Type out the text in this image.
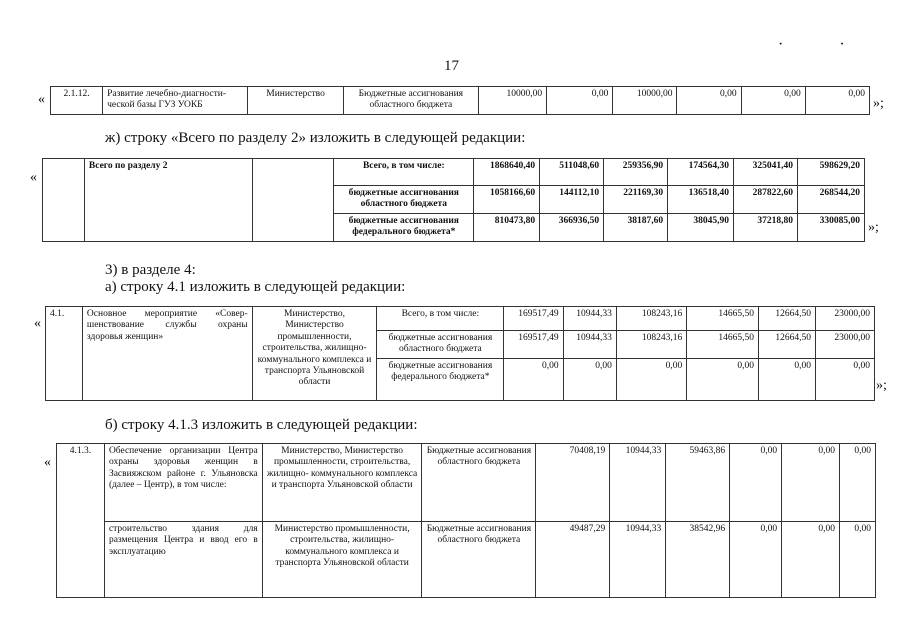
17
· ·
« 2.1.12.	Развитие лечебно-диагности- ческой базы ГУЗ УОКБ	Министерство	Бюджетные ассигнования областного бюджета	10000,00	0,00	10000,00	0,00	0,00	0,00
»;
ж) строку «Всего по разделу 2» изложить в следующей редакции:
«
	Всего по разделу 2		Всего, в том числе:	1868640,40	511048,60	259356,90	174564,30	325041,40	598629,20
			бюджетные ассигнования областного бюджета	1058166,60	144112,10	221169,30	136518,40	287822,60	268544,20
			бюджетные ассигнования федерального бюджета*	810473,80	366936,50	38187,60	38045,90	37218,80	330085,00 »;
3) в разделе 4:
а) строку 4.1 изложить в следующей редакции:
«
4.1.	Основное мероприятие «Совер- шенствование службы охраны здоровья женщин»	Министерство, Министерство промышленности, строительства, жилищно- коммунального комплекса и транспорта Ульяновской области	Всего, в том числе:	169517,49	10944,33	108243,16	14665,50	12664,50	23000,00
			бюджетные ассигнования областного бюджета	169517,49	10944,33	108243,16	14665,50	12664,50	23000,00
			бюджетные ассигнования федерального бюджета*	0,00	0,00	0,00	0,00	0,00	0,00
»;
б) строку 4.1.3 изложить в следующей редакции:
«
4.1.3.	Обеспечение организации Центра охраны здоровья женщин в Засвияжском районе г. Ульяновска (далее – Центр), в том числе:	Министерство, Министерство промышленности, строительства, жилищно- коммунального комплекса и транспорта Ульяновской области	Бюджетные ассигнования областного бюджета	70408,19	10944,33	59463,86	0,00	0,00	0,00
	строительство здания для размещения Центра и ввод его в эксплуатацию	Министерство промышленности, строительства, жилищно- коммунального комплекса и транспорта Ульяновской области	Бюджетные ассигнования областного бюджета	49487,29	10944,33	38542,96	0,00	0,00	0,00
